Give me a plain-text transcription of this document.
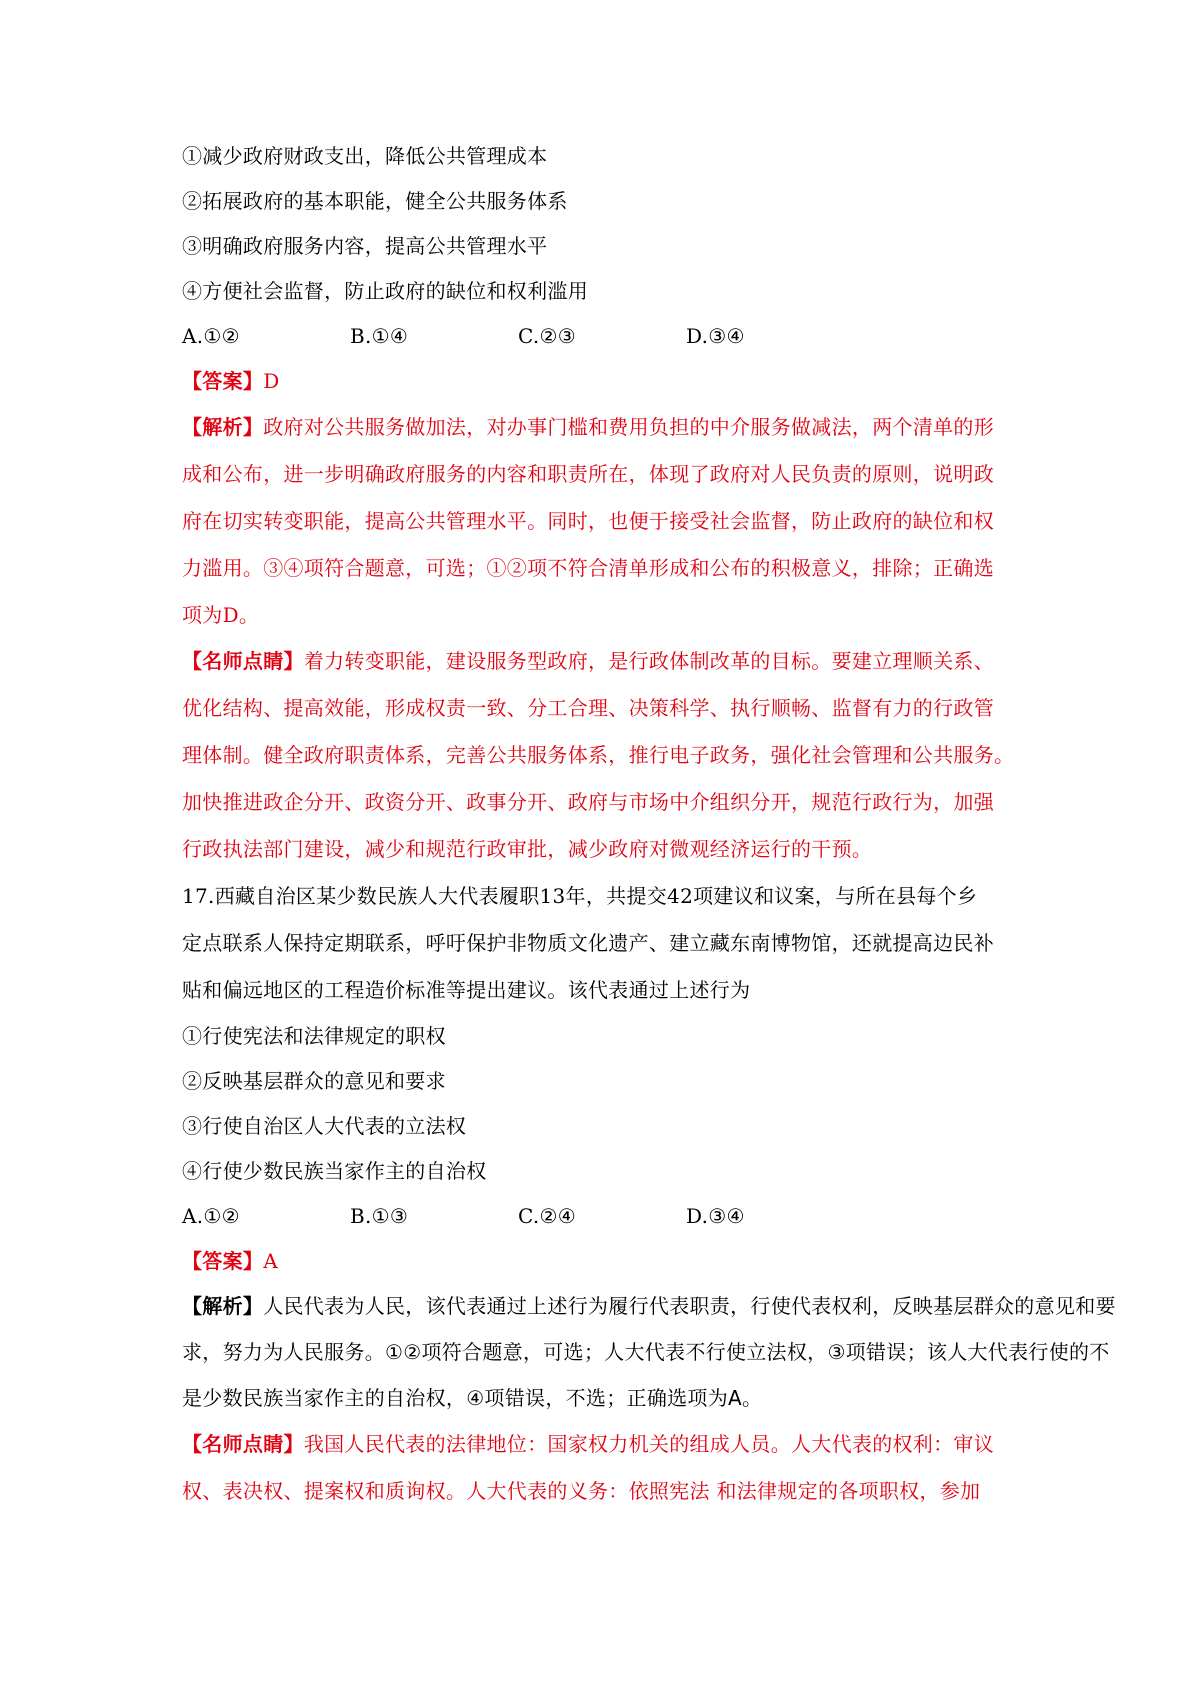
①减少政府财政支出，降低公共管理成本
②拓展政府的基本职能，健全公共服务体系
③明确政府服务内容，提高公共管理水平
④方便社会监督，防止政府的缺位和权利滥用
A.①②	B.①④	C.②③	D.③④
【答案】D
【解析】政府对公共服务做加法，对办事门槛和费用负担的中介服务做减法，两个清单的形
成和公布，进一步明确政府服务的内容和职责所在，体现了政府对人民负责的原则，说明政
府在切实转变职能，提高公共管理水平。同时，也便于接受社会监督，防止政府的缺位和权
力滥用。③④项符合题意，可选；①②项不符合清单形成和公布的积极意义，排除；正确选
项为D。
【名师点睛】着力转变职能，建设服务型政府，是行政体制改革的目标。要建立理顺关系、
优化结构、提高效能，形成权责一致、分工合理、决策科学、执行顺畅、监督有力的行政管
理体制。健全政府职责体系，完善公共服务体系，推行电子政务，强化社会管理和公共服务。
加快推进政企分开、政资分开、政事分开、政府与市场中介组织分开，规范行政行为，加强
行政执法部门建设，减少和规范行政审批，减少政府对微观经济运行的干预。
17.西藏自治区某少数民族人大代表履职13年，共提交42项建议和议案，与所在县每个乡
定点联系人保持定期联系，呼吁保护非物质文化遗产、建立藏东南博物馆，还就提高边民补
贴和偏远地区的工程造价标准等提出建议。该代表通过上述行为
①行使宪法和法律规定的职权
②反映基层群众的意见和要求
③行使自治区人大代表的立法权
④行使少数民族当家作主的自治权
A.①②	B.①③	C.②④	D.③④
【答案】A
【解析】人民代表为人民，该代表通过上述行为履行代表职责，行使代表权利，反映基层群众的意见和要
求，努力为人民服务。①②项符合题意，可选；人大代表不行使立法权，③项错误；该人大代表行使的不
是少数民族当家作主的自治权，④项错误，不选；正确选项为A。
【名师点睛】我国人民代表的法律地位：国家权力机关的组成人员。人大代表的权利：审议
权、表决权、提案权和质询权。人大代表的义务：依照宪法 和法律规定的各项职权，参加
